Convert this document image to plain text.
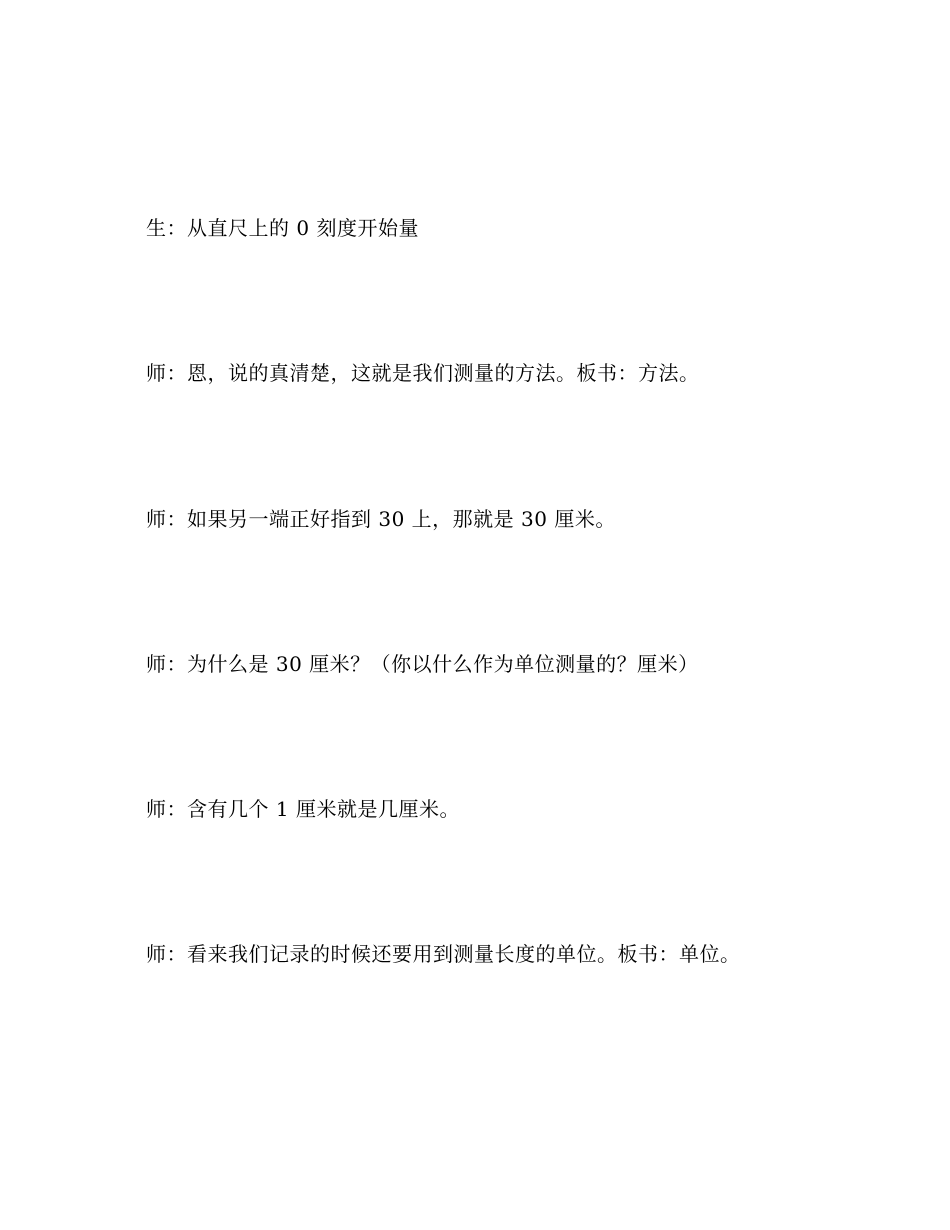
生：从直尺上的 0 刻度开始量
师：恩，说的真清楚，这就是我们测量的方法。板书：方法。
师：如果另一端正好指到 30 上，那就是 30 厘米。
师：为什么是 30 厘米？（你以什么作为单位测量的？厘米）
师：含有几个 1 厘米就是几厘米。
师：看来我们记录的时候还要用到测量长度的单位。板书：单位。
